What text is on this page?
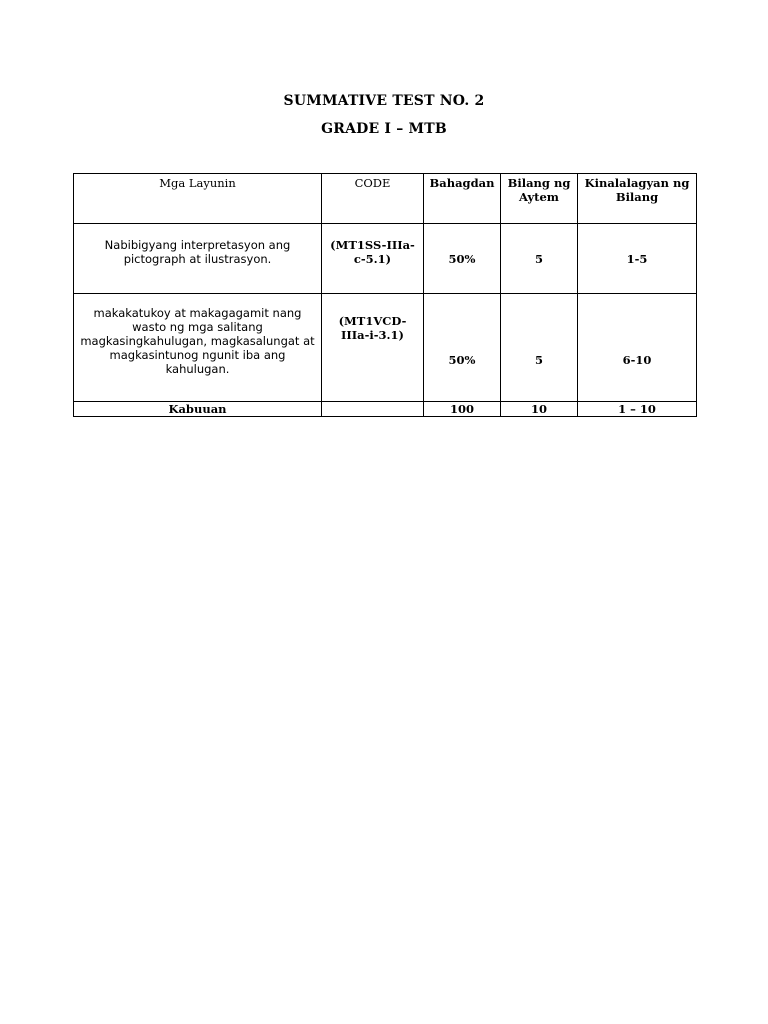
SUMMATIVE TEST NO. 2
GRADE I – MTB
Mga Layunin	CODE	Bahagdan	Bilang ng Aytem	Kinalalagyan ng Bilang
Nabibigyang interpretasyon ang pictograph at ilustrasyon.	(MT1SS-IIIa-c-5.1)	50%	5	1-5
makakatukoy at makagagamit nang wasto ng mga salitang magkasingkahulugan, magkasalungat at magkasintunog ngunit iba ang kahulugan.	(MT1VCD-IIIa-i-3.1)	50%	5	6-10
Kabuuan		100	10	1 – 10
